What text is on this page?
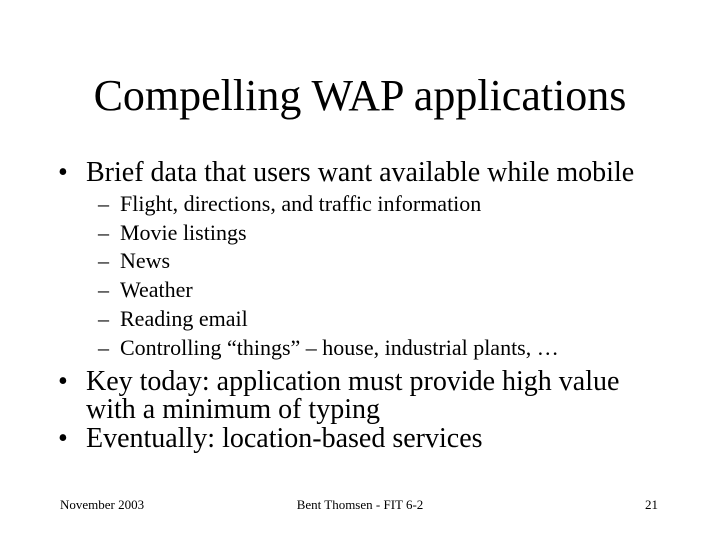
Compelling WAP applications
• Brief data that users want available while mobile
– Flight, directions, and traffic information
– Movie listings
– News
– Weather
– Reading email
– Controlling “things” – house, industrial plants, …
• Key today: application must provide high value
with a minimum of typing
• Eventually: location-based services
November 2003	Bent Thomsen - FIT 6-2	21
